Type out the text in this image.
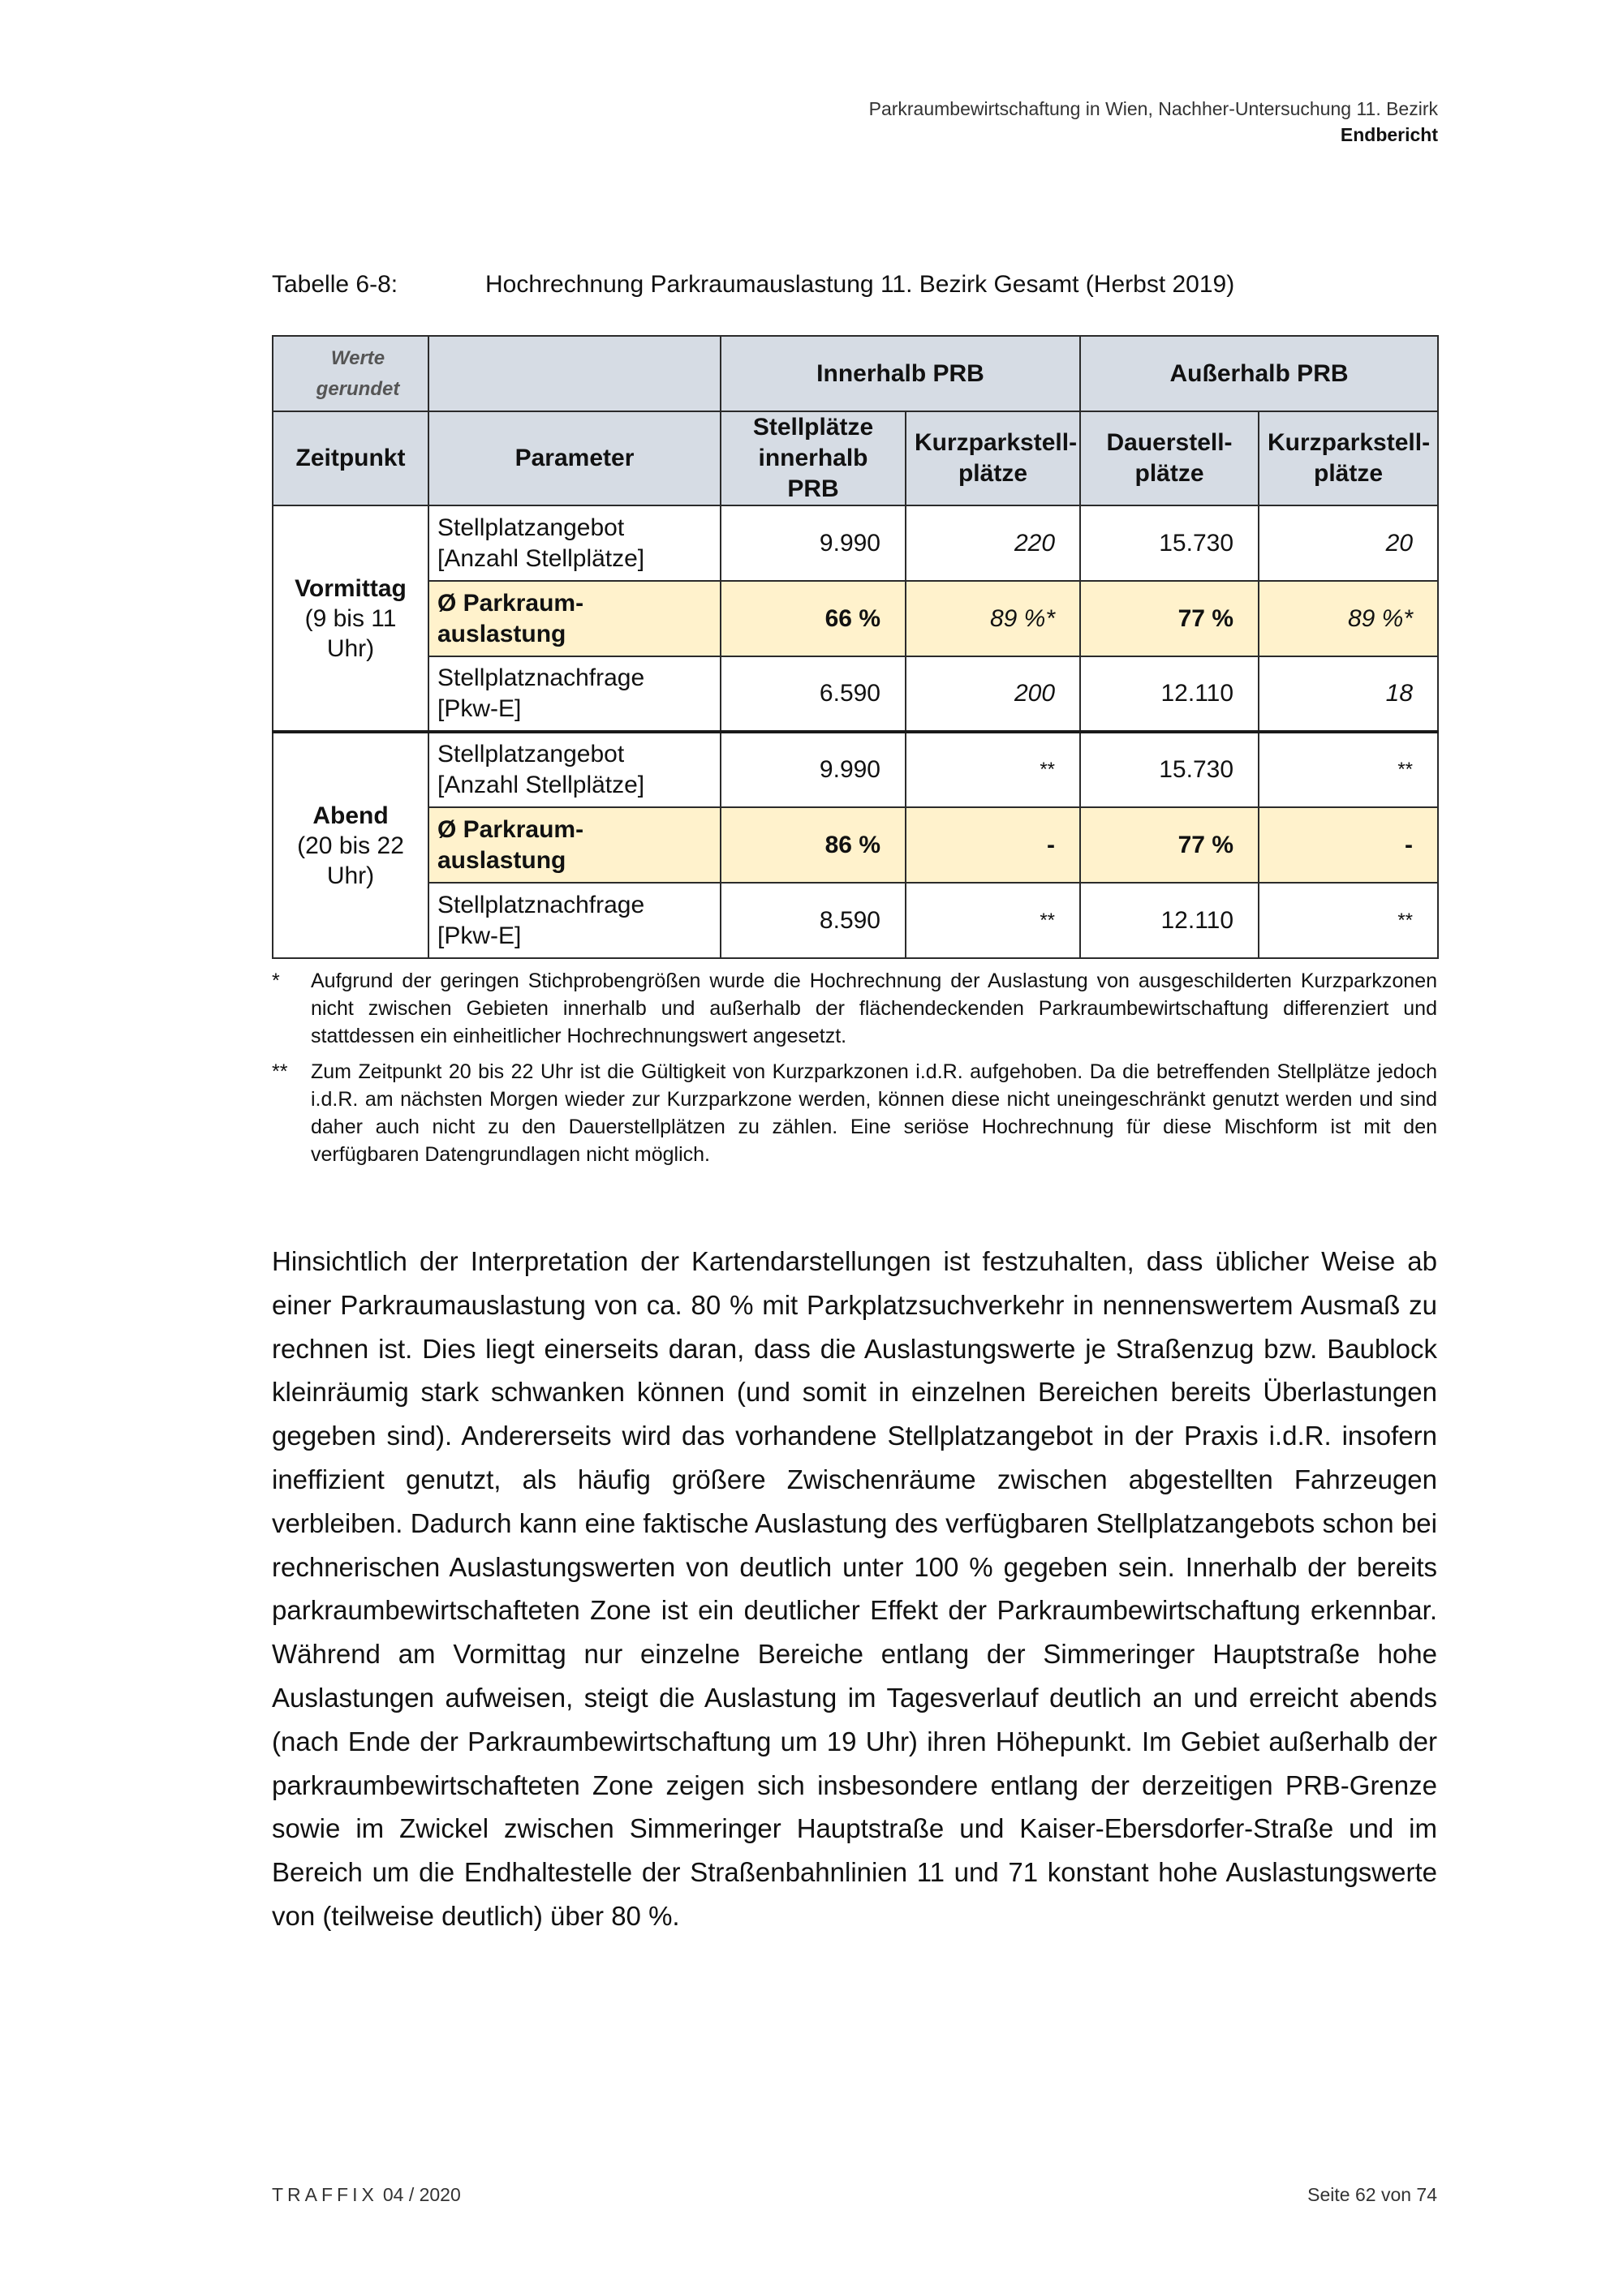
Parkraumbewirtschaftung in Wien, Nachher-Untersuchung 11. Bezirk
Endbericht
Tabelle 6-8:	Hochrechnung Parkraumauslastung 11. Bezirk Gesamt (Herbst 2019)
Werte gerundet		Innerhalb PRB		Außerhalb PRB	
Zeitpunkt	Parameter	Stellplätze innerhalb PRB	Kurzparkstell-plätze	Dauerstell-plätze	Kurzparkstell-plätze

Vormittag
(9 bis 11 Uhr)	Stellplatzangebot [Anzahl Stellplätze]	9.990	220	15.730	20
	Ø Parkraum-auslastung	66 %	89 %*	77 %	89 %*
	Stellplatznachfrage [Pkw-E]	6.590	200	12.110	18

Abend
(20 bis 22 Uhr)	Stellplatzangebot [Anzahl Stellplätze]	9.990	**	15.730	**
	Ø Parkraum-auslastung	86 %	-	77 %	-
	Stellplatznachfrage [Pkw-E]	8.590	**	12.110	**
*	Aufgrund der geringen Stichprobengrößen wurde die Hochrechnung der Auslastung von ausgeschilderten Kurzparkzonen nicht zwischen Gebieten innerhalb und außerhalb der flächendeckenden Parkraumbewirtschaftung differenziert und stattdessen ein einheitlicher Hochrechnungswert angesetzt.
**	Zum Zeitpunkt 20 bis 22 Uhr ist die Gültigkeit von Kurzparkzonen i.d.R. aufgehoben. Da die betreffenden Stellplätze jedoch i.d.R. am nächsten Morgen wieder zur Kurzparkzone werden, können diese nicht uneingeschränkt genutzt werden und sind daher auch nicht zu den Dauerstellplätzen zu zählen. Eine seriöse Hochrechnung für diese Mischform ist mit den verfügbaren Datengrundlagen nicht möglich.

Hinsichtlich der Interpretation der Kartendarstellungen ist festzuhalten, dass üblicher Weise ab einer Parkraumauslastung von ca. 80 % mit Parkplatzsuchverkehr in nennenswertem Ausmaß zu rechnen ist. Dies liegt einerseits daran, dass die Auslastungswerte je Straßenzug bzw. Baublock kleinräumig stark schwanken können (und somit in einzelnen Bereichen bereits Überlastungen gegeben sind). Andererseits wird das vorhandene Stellplatzangebot in der Praxis i.d.R. insofern ineffizient genutzt, als häufig größere Zwischenräume zwischen abgestellten Fahrzeugen verbleiben. Dadurch kann eine faktische Auslastung des verfügbaren Stellplatzangebots schon bei rechnerischen Auslastungswerten von deutlich unter 100 % gegeben sein. Innerhalb der bereits parkraumbewirtschafteten Zone ist ein deutlicher Effekt der Parkraumbewirtschaftung erkennbar. Während am Vormittag nur einzelne Bereiche entlang der Simmeringer Hauptstraße hohe Auslastungen aufweisen, steigt die Auslastung im Tagesverlauf deutlich an und erreicht abends (nach Ende der Parkraumbewirtschaftung um 19 Uhr) ihren Höhepunkt. Im Gebiet außerhalb der parkraumbewirtschafteten Zone zeigen sich insbesondere entlang der derzeitigen PRB-Grenze sowie im Zwickel zwischen Simmeringer Hauptstraße und Kaiser-Ebersdorfer-Straße und im Bereich um die Endhaltestelle der Straßenbahnlinien 11 und 71 konstant hohe Auslastungswerte von (teilweise deutlich) über 80 %.

TRAFFIX 04 / 2020	Seite 62 von 74
